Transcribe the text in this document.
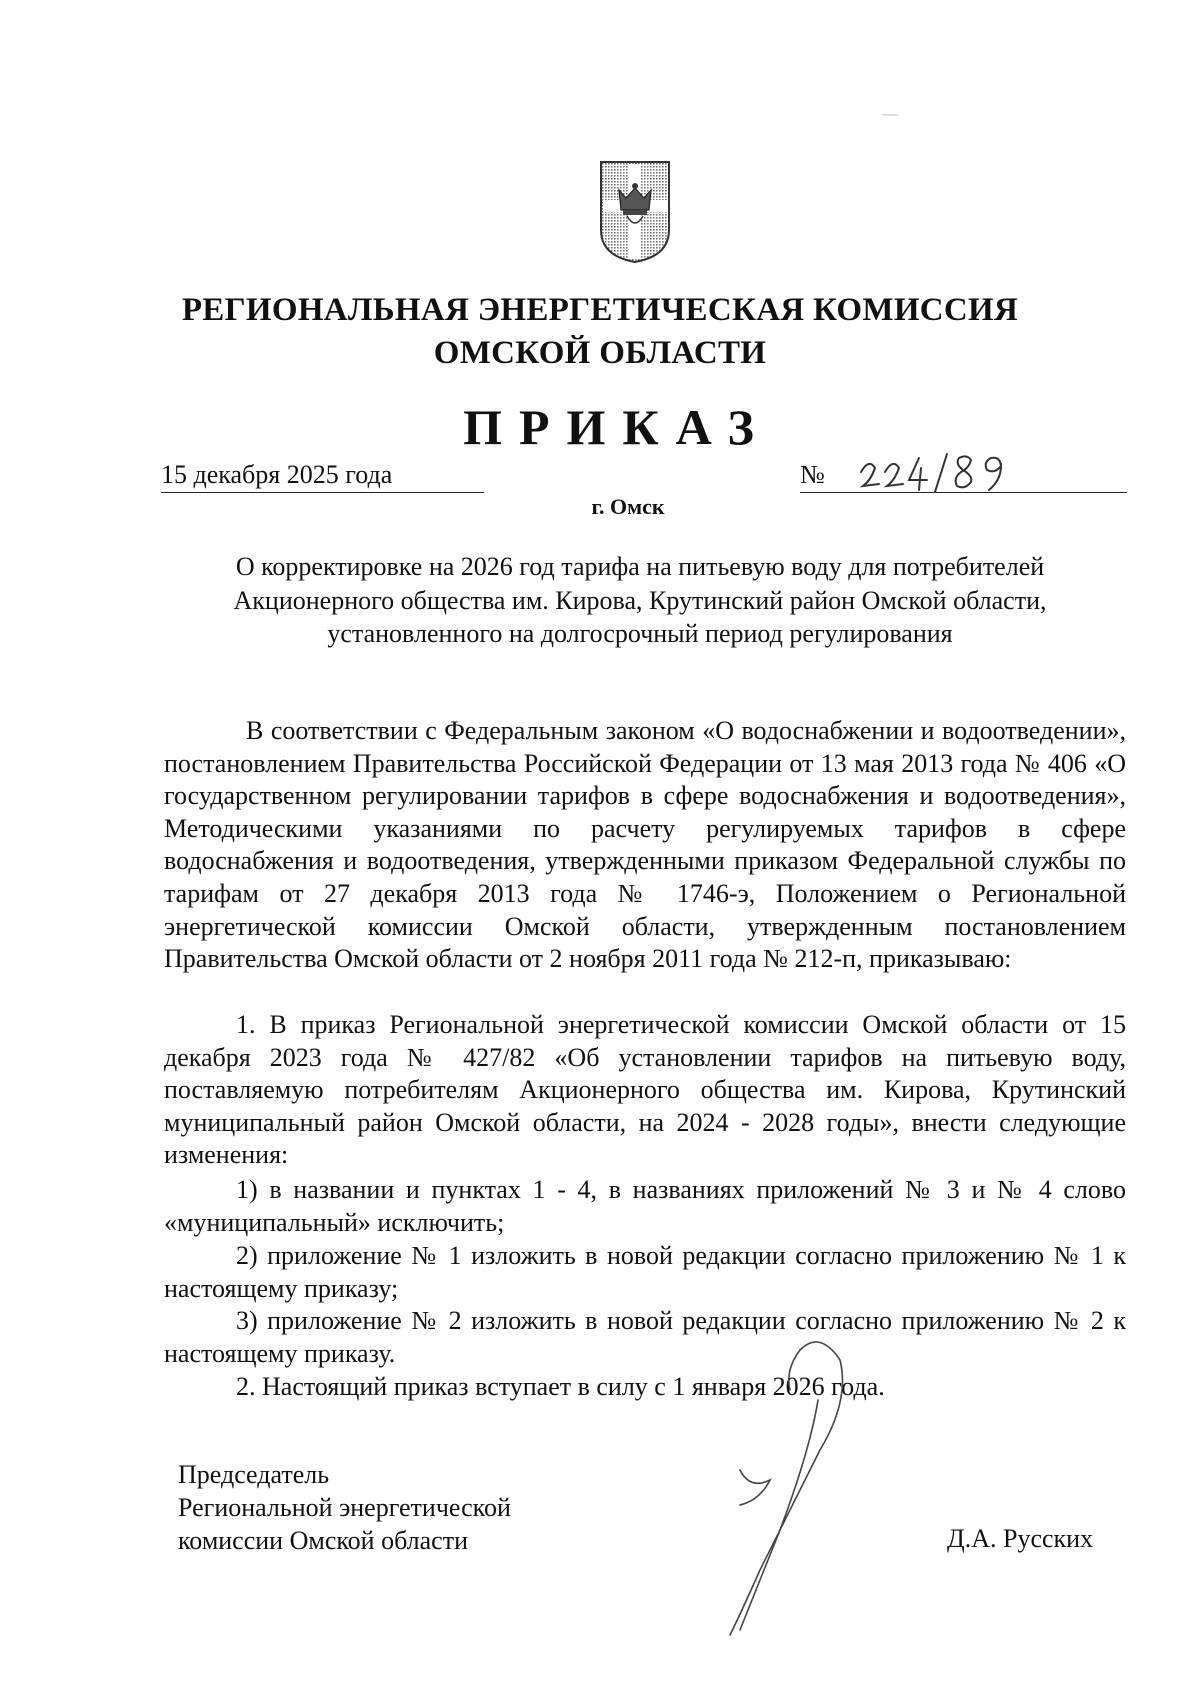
РЕГИОНАЛЬНАЯ ЭНЕРГЕТИЧЕСКАЯ КОМИССИЯ
ОМСКОЙ ОБЛАСТИ
ПРИКАЗ
15 декабря 2025 года	№
г. Омск
О корректировке на 2026 год тарифа на питьевую воду для потребителей Акционерного общества им. Кирова, Крутинский район Омской области, установленного на долгосрочный период регулирования
В соответствии с Федеральным законом «О водоснабжении и водоотведении», постановлением Правительства Российской Федерации от 13 мая 2013 года № 406 «О государственном регулировании тарифов в сфере водоснабжения и водоотведения», Методическими указаниями по расчету регулируемых тарифов в сфере водоснабжения и водоотведения, утвержденными приказом Федеральной службы по тарифам от 27 декабря 2013 года № 1746-э, Положением о Региональной энергетической комиссии Омской области, утвержденным постановлением Правительства Омской области от 2 ноября 2011 года № 212-п, приказываю:
1. В приказ Региональной энергетической комиссии Омской области от 15 декабря 2023 года № 427/82 «Об установлении тарифов на питьевую воду, поставляемую потребителям Акционерного общества им. Кирова, Крутинский муниципальный район Омской области, на 2024 - 2028 годы», внести следующие изменения:
1) в названии и пунктах 1 - 4, в названиях приложений № 3 и № 4 слово «муниципальный» исключить;
2) приложение № 1 изложить в новой редакции согласно приложению № 1 к настоящему приказу;
3) приложение № 2 изложить в новой редакции согласно приложению № 2 к настоящему приказу.
2. Настоящий приказ вступает в силу с 1 января 2026 года.
Председатель
Региональной энергетической
комиссии Омской области	Д.А. Русских
